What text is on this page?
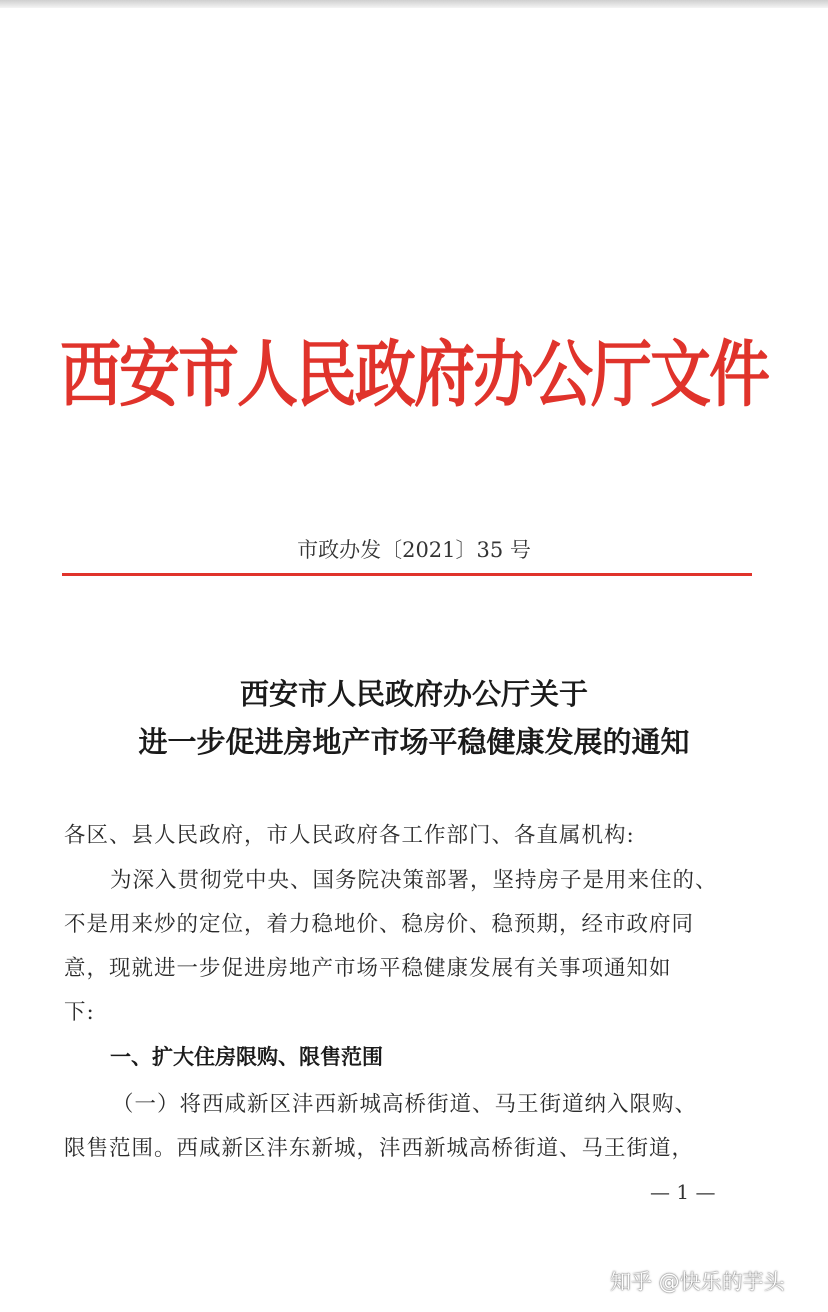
西安市人民政府办公厅文件
市政办发〔2021〕35 号
西安市人民政府办公厅关于
进一步促进房地产市场平稳健康发展的通知
各区、县人民政府，市人民政府各工作部门、各直属机构:
为深入贯彻党中央、国务院决策部署，坚持房子是用来住的、
不是用来炒的定位，着力稳地价、稳房价、稳预期，经市政府同
意，现就进一步促进房地产市场平稳健康发展有关事项通知如
下:
一、扩大住房限购、限售范围
（一）将西咸新区沣西新城高桥街道、马王街道纳入限购、
限售范围。西咸新区沣东新城，沣西新城高桥街道、马王街道，
— 1 —
知乎 @快乐的芋头
